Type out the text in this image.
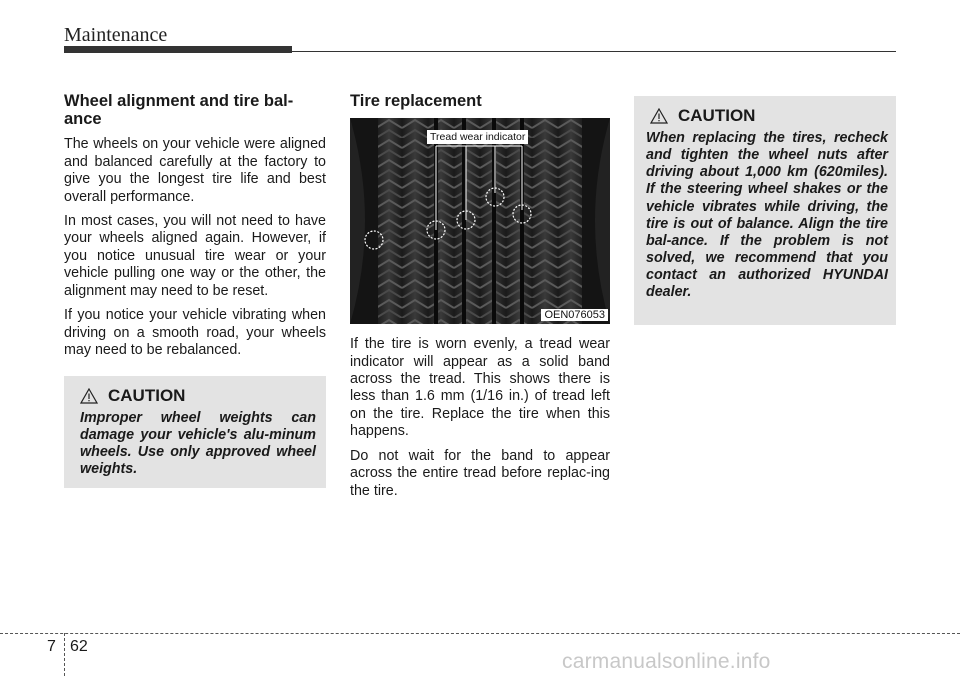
Maintenance
Wheel alignment and tire bal-
ance

The wheels on your vehicle were aligned and balanced carefully at the factory to give you the longest tire life and best overall performance.

In most cases, you will not need to have your wheels aligned again. However, if you notice unusual tire wear or your vehicle pulling one way or the other, the alignment may need to be reset.

If you notice your vehicle vibrating when driving on a smooth road, your wheels may need to be rebalanced.

CAUTION

Improper wheel weights can damage your vehicle's alu-minum wheels. Use only approved wheel weights.

Tire replacement
Tread wear indicator
OEN076053

If the tire is worn evenly, a tread wear indicator will appear as a solid band across the tread. This shows there is less than 1.6 mm (1/16 in.) of tread left on the tire. Replace the tire when this happens.

Do not wait for the band to appear across the entire tread before replac-ing the tire.

CAUTION

When replacing the tires, recheck and tighten the wheel nuts after driving about 1,000 km (620miles). If the steering wheel shakes or the vehicle vibrates while driving, the tire is out of balance. Align the tire bal-ance. If the problem is not solved, we recommend that you contact an authorized HYUNDAI dealer.

7 62
carmanualsonline.info
